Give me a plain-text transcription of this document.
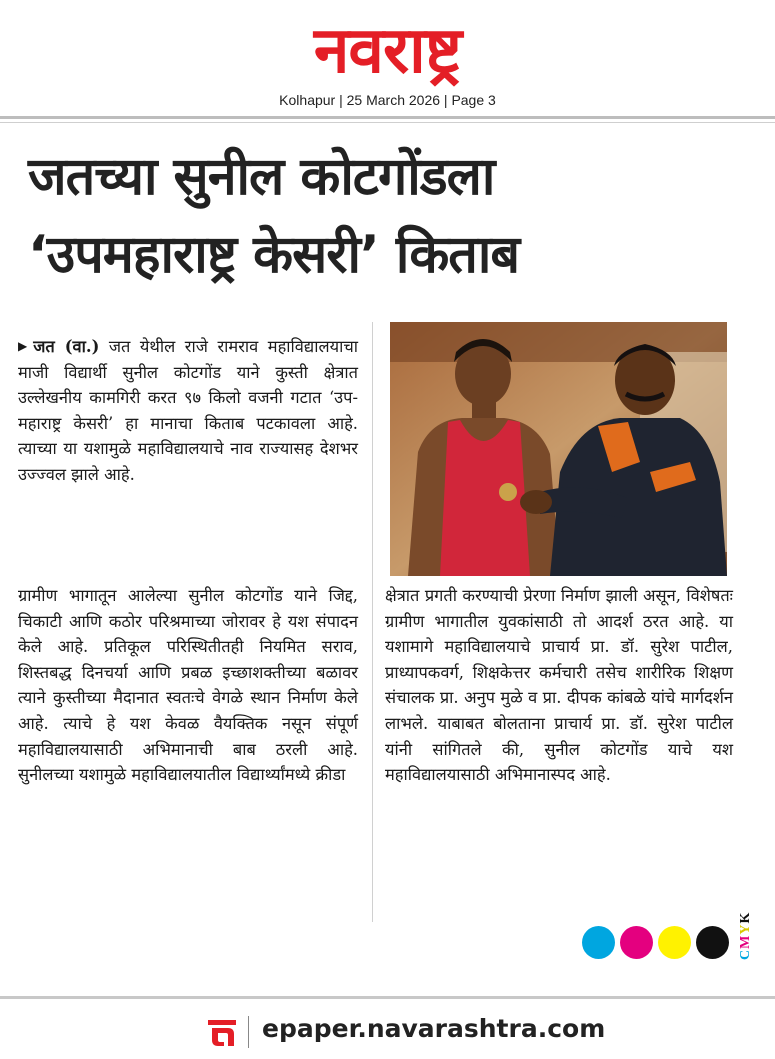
नवराष्ट्र
Kolhapur | 25 March 2026 | Page 3
जतच्या सुनील कोटगोंडला
‘उपमहाराष्ट्र केसरी’ किताब

▶ जत (वा.) जत येथील राजे रामराव महाविद्यालयाचा माजी विद्यार्थी सुनील कोटगोंड याने कुस्ती क्षेत्रात उल्लेखनीय कामगिरी करत ९७ किलो वजनी गटात ‘उप-महाराष्ट्र केसरी’ हा मानाचा किताब पटकावला आहे. त्याच्या या यशामुळे महाविद्यालयाचे नाव राज्यासह देशभर उज्ज्वल झाले आहे.

ग्रामीण भागातून आलेल्या सुनील कोटगोंड याने जिद्द, चिकाटी आणि कठोर परिश्रमाच्या जोरावर हे यश संपादन केले आहे. प्रतिकूल परिस्थितीतही नियमित सराव, शिस्तबद्ध दिनचर्या आणि प्रबळ इच्छाशक्तीच्या बळावर त्याने कुस्तीच्या मैदानात स्वतःचे वेगळे स्थान निर्माण केले आहे. त्याचे हे यश केवळ वैयक्तिक नसून संपूर्ण महाविद्यालयासाठी अभिमानाची बाब ठरली आहे. सुनीलच्या यशामुळे महाविद्यालयातील विद्यार्थ्यांमध्ये क्रीडा

क्षेत्रात प्रगती करण्याची प्रेरणा निर्माण झाली असून, विशेषतः ग्रामीण भागातील युवकांसाठी तो आदर्श ठरत आहे. या यशामागे महाविद्यालयाचे प्राचार्य प्रा. डॉ. सुरेश पाटील, प्राध्यापकवर्ग, शिक्षकेत्तर कर्मचारी तसेच शारीरिक शिक्षण संचालक प्रा. अनुप मुळे व प्रा. दीपक कांबळे यांचे मार्गदर्शन लाभले. याबाबत बोलताना प्राचार्य प्रा. डॉ. सुरेश पाटील यांनी सांगितले की, सुनील कोटगोंड याचे यश महाविद्यालयासाठी अभिमानास्पद आहे.

CMYK
epaper.navarashtra.com
